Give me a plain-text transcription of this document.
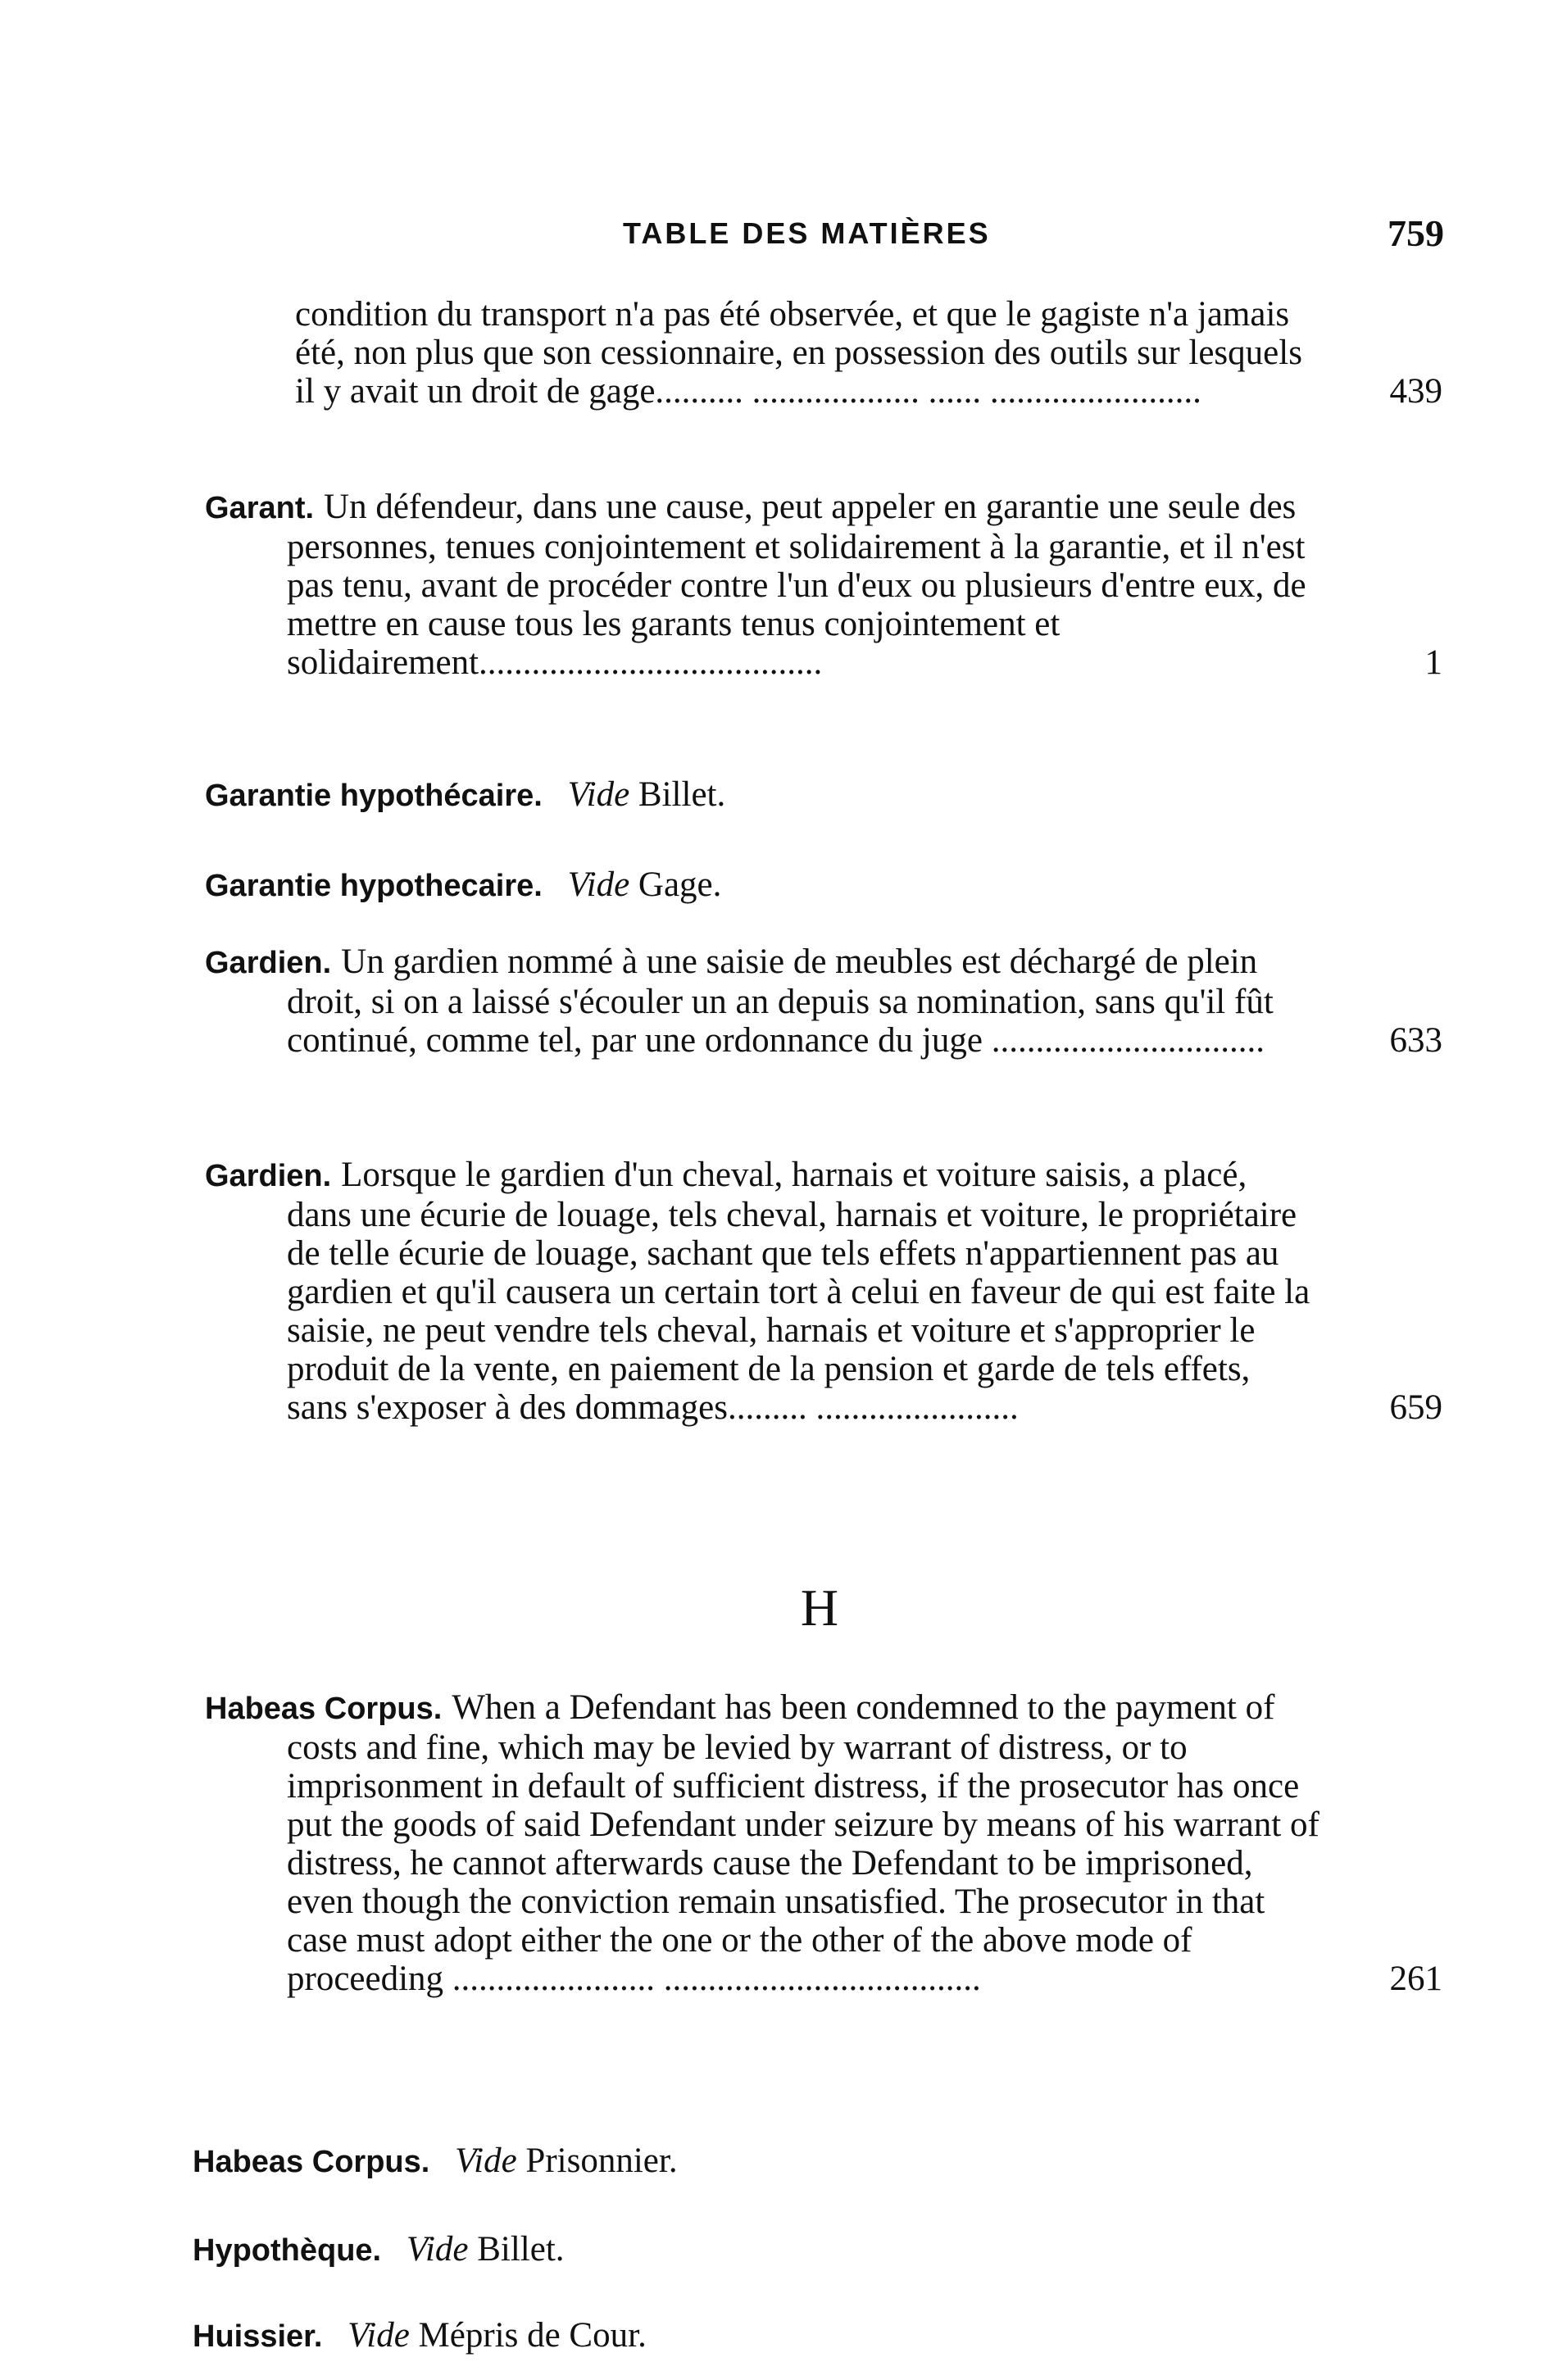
TABLE DES MATIÈRES	759
condition du transport n'a pas été observée, et que le gagiste n'a jamais été, non plus que son cessionnaire, en possession des outils sur lesquels il y avait un droit de gage.......... ................... ...... ........................	439
Garant. Un défendeur, dans une cause, peut appeler en garantie une seule des personnes, tenues conjointement et solidairement à la garantie, et il n'est pas tenu, avant de procéder contre l'un d'eux ou plusieurs d'entre eux, de mettre en cause tous les garants tenus conjointement et solidairement.......................................	1
Garantie hypothécaire. Vide Billet.
Garantie hypothecaire. Vide Gage.
Gardien. Un gardien nommé à une saisie de meubles est déchargé de plein droit, si on a laissé s'écouler un an depuis sa nomination, sans qu'il fût continué, comme tel, par une ordonnance du juge ...............................	633
Gardien. Lorsque le gardien d'un cheval, harnais et voiture saisis, a placé, dans une écurie de louage, tels cheval, harnais et voiture, le propriétaire de telle écurie de louage, sachant que tels effets n'appartiennent pas au gardien et qu'il causera un certain tort à celui en faveur de qui est faite la saisie, ne peut vendre tels cheval, harnais et voiture et s'approprier le produit de la vente, en paiement de la pension et garde de tels effets, sans s'exposer à des dommages......... .......................	659
H
Habeas Corpus. When a Defendant has been condemned to the payment of costs and fine, which may be levied by warrant of distress, or to imprisonment in default of sufficient distress, if the prosecutor has once put the goods of said Defendant under seizure by means of his warrant of distress, he cannot afterwards cause the Defendant to be imprisoned, even though the conviction remain unsatisfied. The prosecutor in that case must adopt either the one or the other of the above mode of proceeding ....................... ....................................	261
Habeas Corpus. Vide Prisonnier.
Hypothèque. Vide Billet.
Huissier. Vide Mépris de Cour.
